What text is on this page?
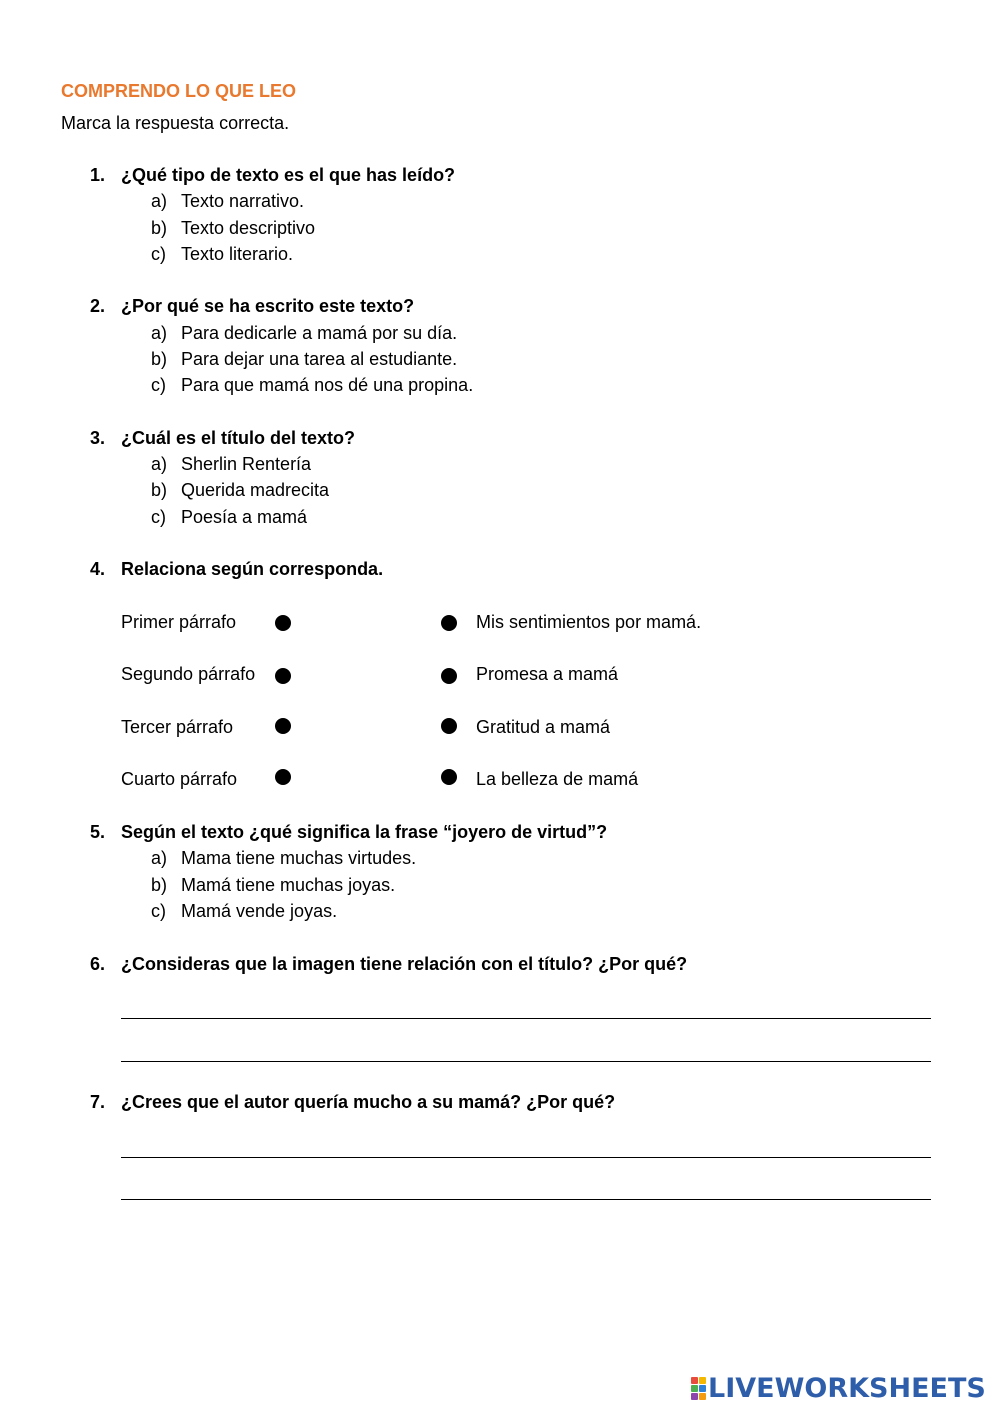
COMPRENDO LO QUE LEO
Marca la respuesta correcta.
1. ¿Qué tipo de texto es el que has leído?
a) Texto narrativo.
b) Texto descriptivo
c) Texto literario.
2. ¿Por qué se ha escrito este texto?
a) Para dedicarle a mamá por su día.
b) Para dejar una tarea al estudiante.
c) Para que mamá nos dé una propina.
3. ¿Cuál es el título del texto?
a) Sherlin Rentería
b) Querida madrecita
c) Poesía a mamá
4. Relaciona según corresponda.
Primer párrafo	Mis sentimientos por mamá.
Segundo párrafo	Promesa a mamá
Tercer párrafo	Gratitud a mamá
Cuarto párrafo	La belleza de mamá
5. Según el texto ¿qué significa la frase “joyero de virtud”?
a) Mama tiene muchas virtudes.
b) Mamá tiene muchas joyas.
c) Mamá vende joyas.
6. ¿Consideras que la imagen tiene relación con el título? ¿Por qué?
7. ¿Crees que el autor quería mucho a su mamá? ¿Por qué?
LIVEWORKSHEETS
